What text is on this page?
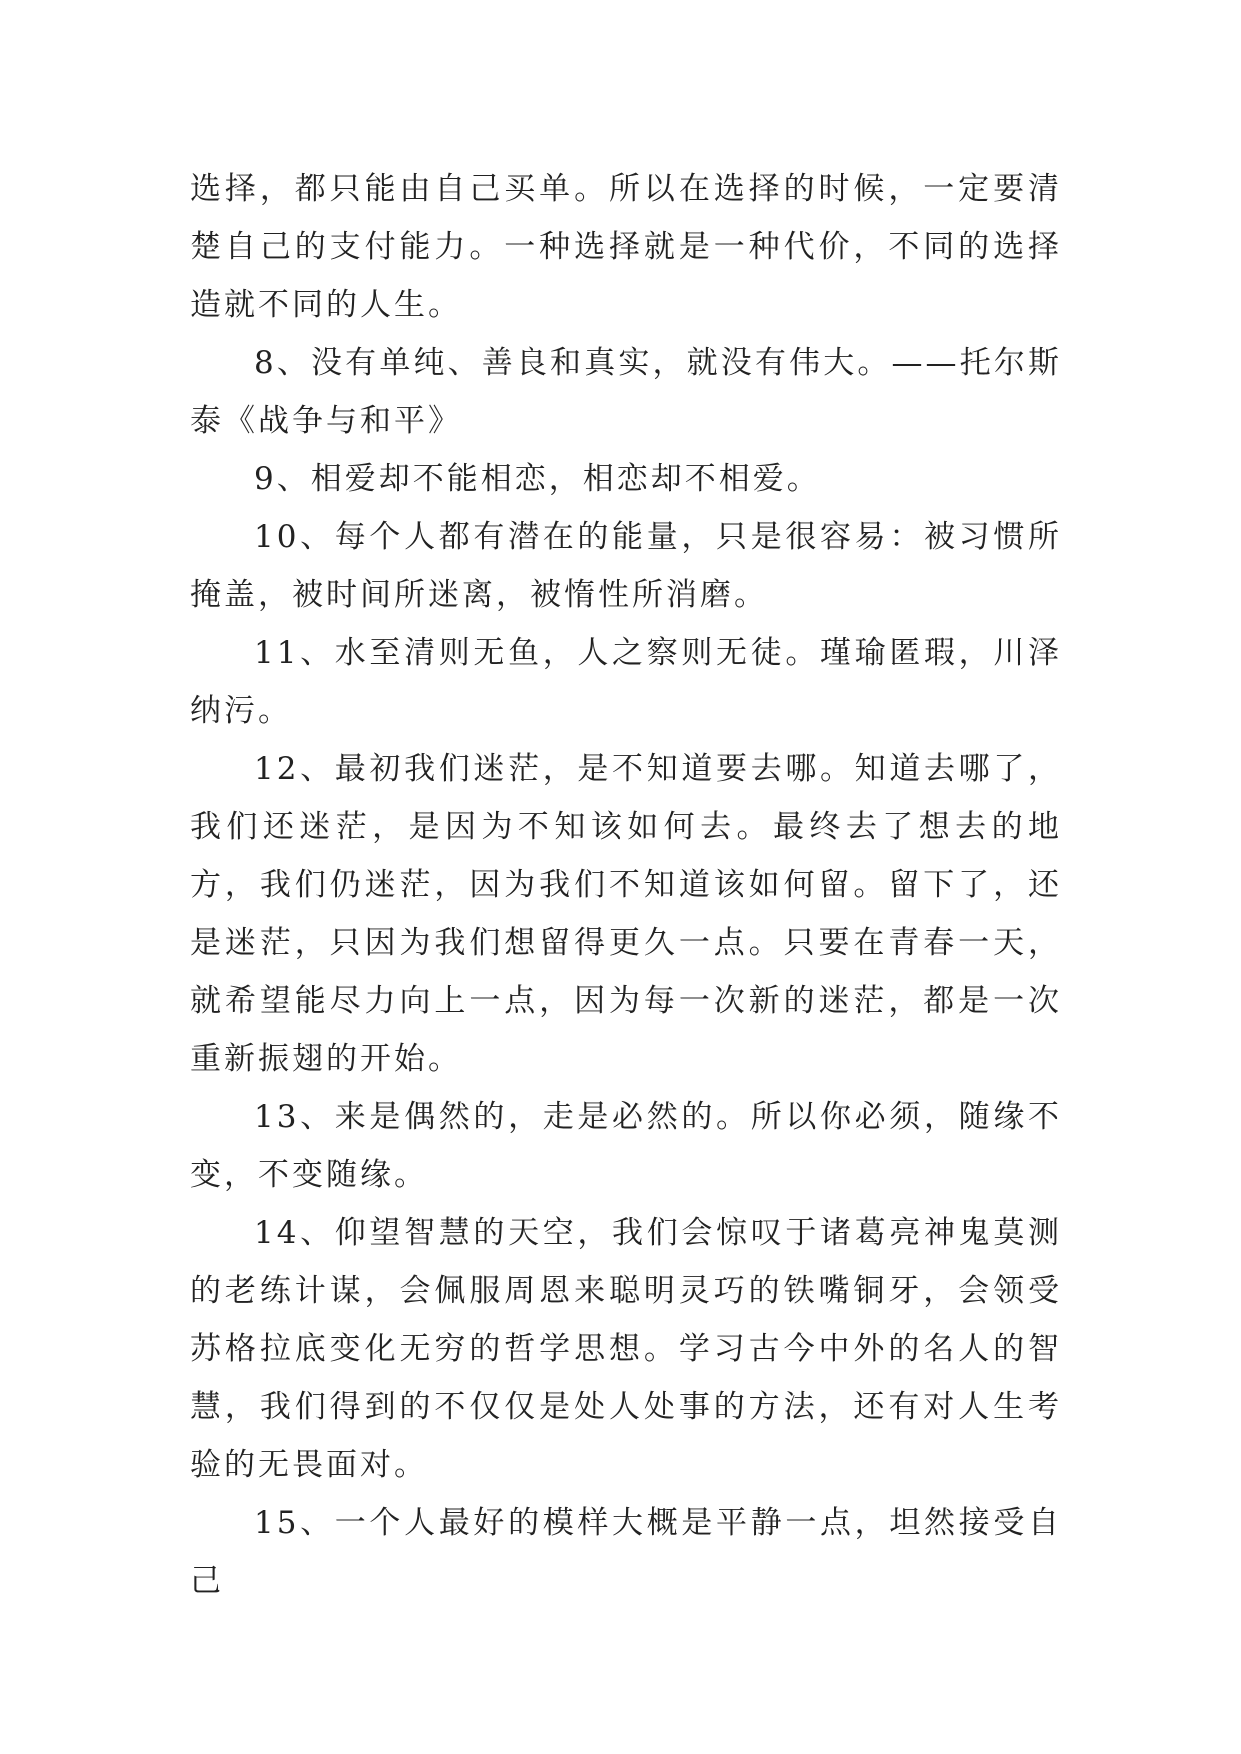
选择，都只能由自己买单。所以在选择的时候，一定要清楚自己的支付能力。一种选择就是一种代价，不同的选择造就不同的人生。

8、没有单纯、善良和真实，就没有伟大。——托尔斯泰《战争与和平》

9、相爱却不能相恋，相恋却不相爱。

10、每个人都有潜在的能量，只是很容易：被习惯所掩盖，被时间所迷离，被惰性所消磨。

11、水至清则无鱼，人之察则无徒。瑾瑜匿瑕，川泽纳污。

12、最初我们迷茫，是不知道要去哪。知道去哪了，我们还迷茫，是因为不知该如何去。最终去了想去的地方，我们仍迷茫，因为我们不知道该如何留。留下了，还是迷茫，只因为我们想留得更久一点。只要在青春一天，就希望能尽力向上一点，因为每一次新的迷茫，都是一次重新振翅的开始。

13、来是偶然的，走是必然的。所以你必须，随缘不变，不变随缘。

14、仰望智慧的天空，我们会惊叹于诸葛亮神鬼莫测的老练计谋，会佩服周恩来聪明灵巧的铁嘴铜牙，会领受苏格拉底变化无穷的哲学思想。学习古今中外的名人的智慧，我们得到的不仅仅是处人处事的方法，还有对人生考验的无畏面对。

15、一个人最好的模样大概是平静一点，坦然接受自己
